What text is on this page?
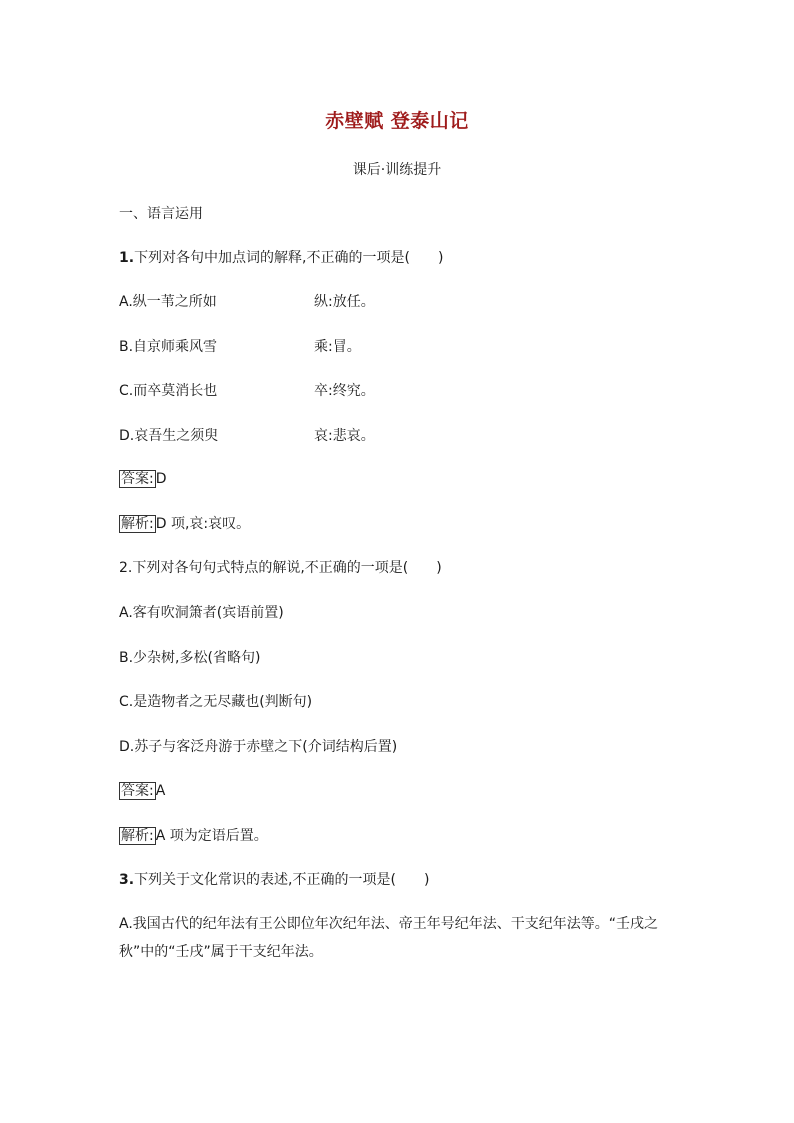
赤壁赋 登泰山记
课后·训练提升
一、语言运用
1.下列对各句中加点词的解释,不正确的一项是(　　)
A.纵一苇之所如	纵:放任。
B.自京师乘风雪	乘:冒。
C.而卒莫消长也	卒:终究。
D.哀吾生之须臾	哀:悲哀。
答案: D
解析: D 项,哀:哀叹。
2.下列对各句句式特点的解说,不正确的一项是(　　)
A.客有吹洞箫者(宾语前置)
B.少杂树,多松(省略句)
C.是造物者之无尽藏也(判断句)
D.苏子与客泛舟游于赤壁之下(介词结构后置)
答案: A
解析: A 项为定语后置。
3.下列关于文化常识的表述,不正确的一项是(　　)
A.我国古代的纪年法有王公即位年次纪年法、帝王年号纪年法、干支纪年法等。“壬戌之秋”中的“壬戌”属于干支纪年法。
